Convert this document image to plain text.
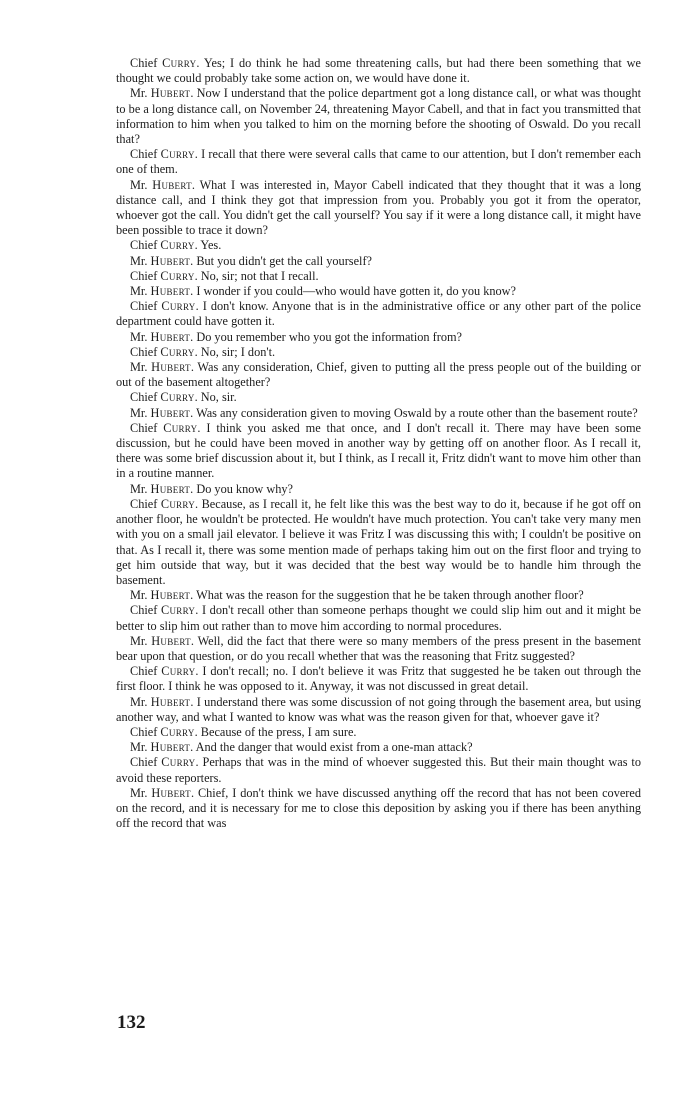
Chief Curry. Yes; I do think he had some threatening calls, but had there been something that we thought we could probably take some action on, we would have done it.

Mr. Hubert. Now I understand that the police department got a long distance call, or what was thought to be a long distance call, on November 24, threatening Mayor Cabell, and that in fact you transmitted that information to him when you talked to him on the morning before the shooting of Oswald. Do you recall that?

Chief Curry. I recall that there were several calls that came to our attention, but I don't remember each one of them.

Mr. Hubert. What I was interested in, Mayor Cabell indicated that they thought that it was a long distance call, and I think they got that impression from you. Probably you got it from the operator, whoever got the call. You didn't get the call yourself? You say if it were a long distance call, it might have been possible to trace it down?

Chief Curry. Yes.

Mr. Hubert. But you didn't get the call yourself?

Chief Curry. No, sir; not that I recall.

Mr. Hubert. I wonder if you could—who would have gotten it, do you know?

Chief Curry. I don't know. Anyone that is in the administrative office or any other part of the police department could have gotten it.

Mr. Hubert. Do you remember who you got the information from?

Chief Curry. No, sir; I don't.

Mr. Hubert. Was any consideration, Chief, given to putting all the press people out of the building or out of the basement altogether?

Chief Curry. No, sir.

Mr. Hubert. Was any consideration given to moving Oswald by a route other than the basement route?

Chief Curry. I think you asked me that once, and I don't recall it. There may have been some discussion, but he could have been moved in another way by getting off on another floor. As I recall it, there was some brief discussion about it, but I think, as I recall it, Fritz didn't want to move him other than in a routine manner.

Mr. Hubert. Do you know why?

Chief Curry. Because, as I recall it, he felt like this was the best way to do it, because if he got off on another floor, he wouldn't be protected. He wouldn't have much protection. You can't take very many men with you on a small jail elevator. I believe it was Fritz I was discussing this with; I couldn't be positive on that. As I recall it, there was some mention made of perhaps taking him out on the first floor and trying to get him outside that way, but it was decided that the best way would be to handle him through the basement.

Mr. Hubert. What was the reason for the suggestion that he be taken through another floor?

Chief Curry. I don't recall other than someone perhaps thought we could slip him out and it might be better to slip him out rather than to move him according to normal procedures.

Mr. Hubert. Well, did the fact that there were so many members of the press present in the basement bear upon that question, or do you recall whether that was the reasoning that Fritz suggested?

Chief Curry. I don't recall; no. I don't believe it was Fritz that suggested he be taken out through the first floor. I think he was opposed to it. Anyway, it was not discussed in great detail.

Mr. Hubert. I understand there was some discussion of not going through the basement area, but using another way, and what I wanted to know was what was the reason given for that, whoever gave it?

Chief Curry. Because of the press, I am sure.

Mr. Hubert. And the danger that would exist from a one-man attack?

Chief Curry. Perhaps that was in the mind of whoever suggested this. But their main thought was to avoid these reporters.

Mr. Hubert. Chief, I don't think we have discussed anything off the record that has not been covered on the record, and it is necessary for me to close this deposition by asking you if there has been anything off the record that was

132
